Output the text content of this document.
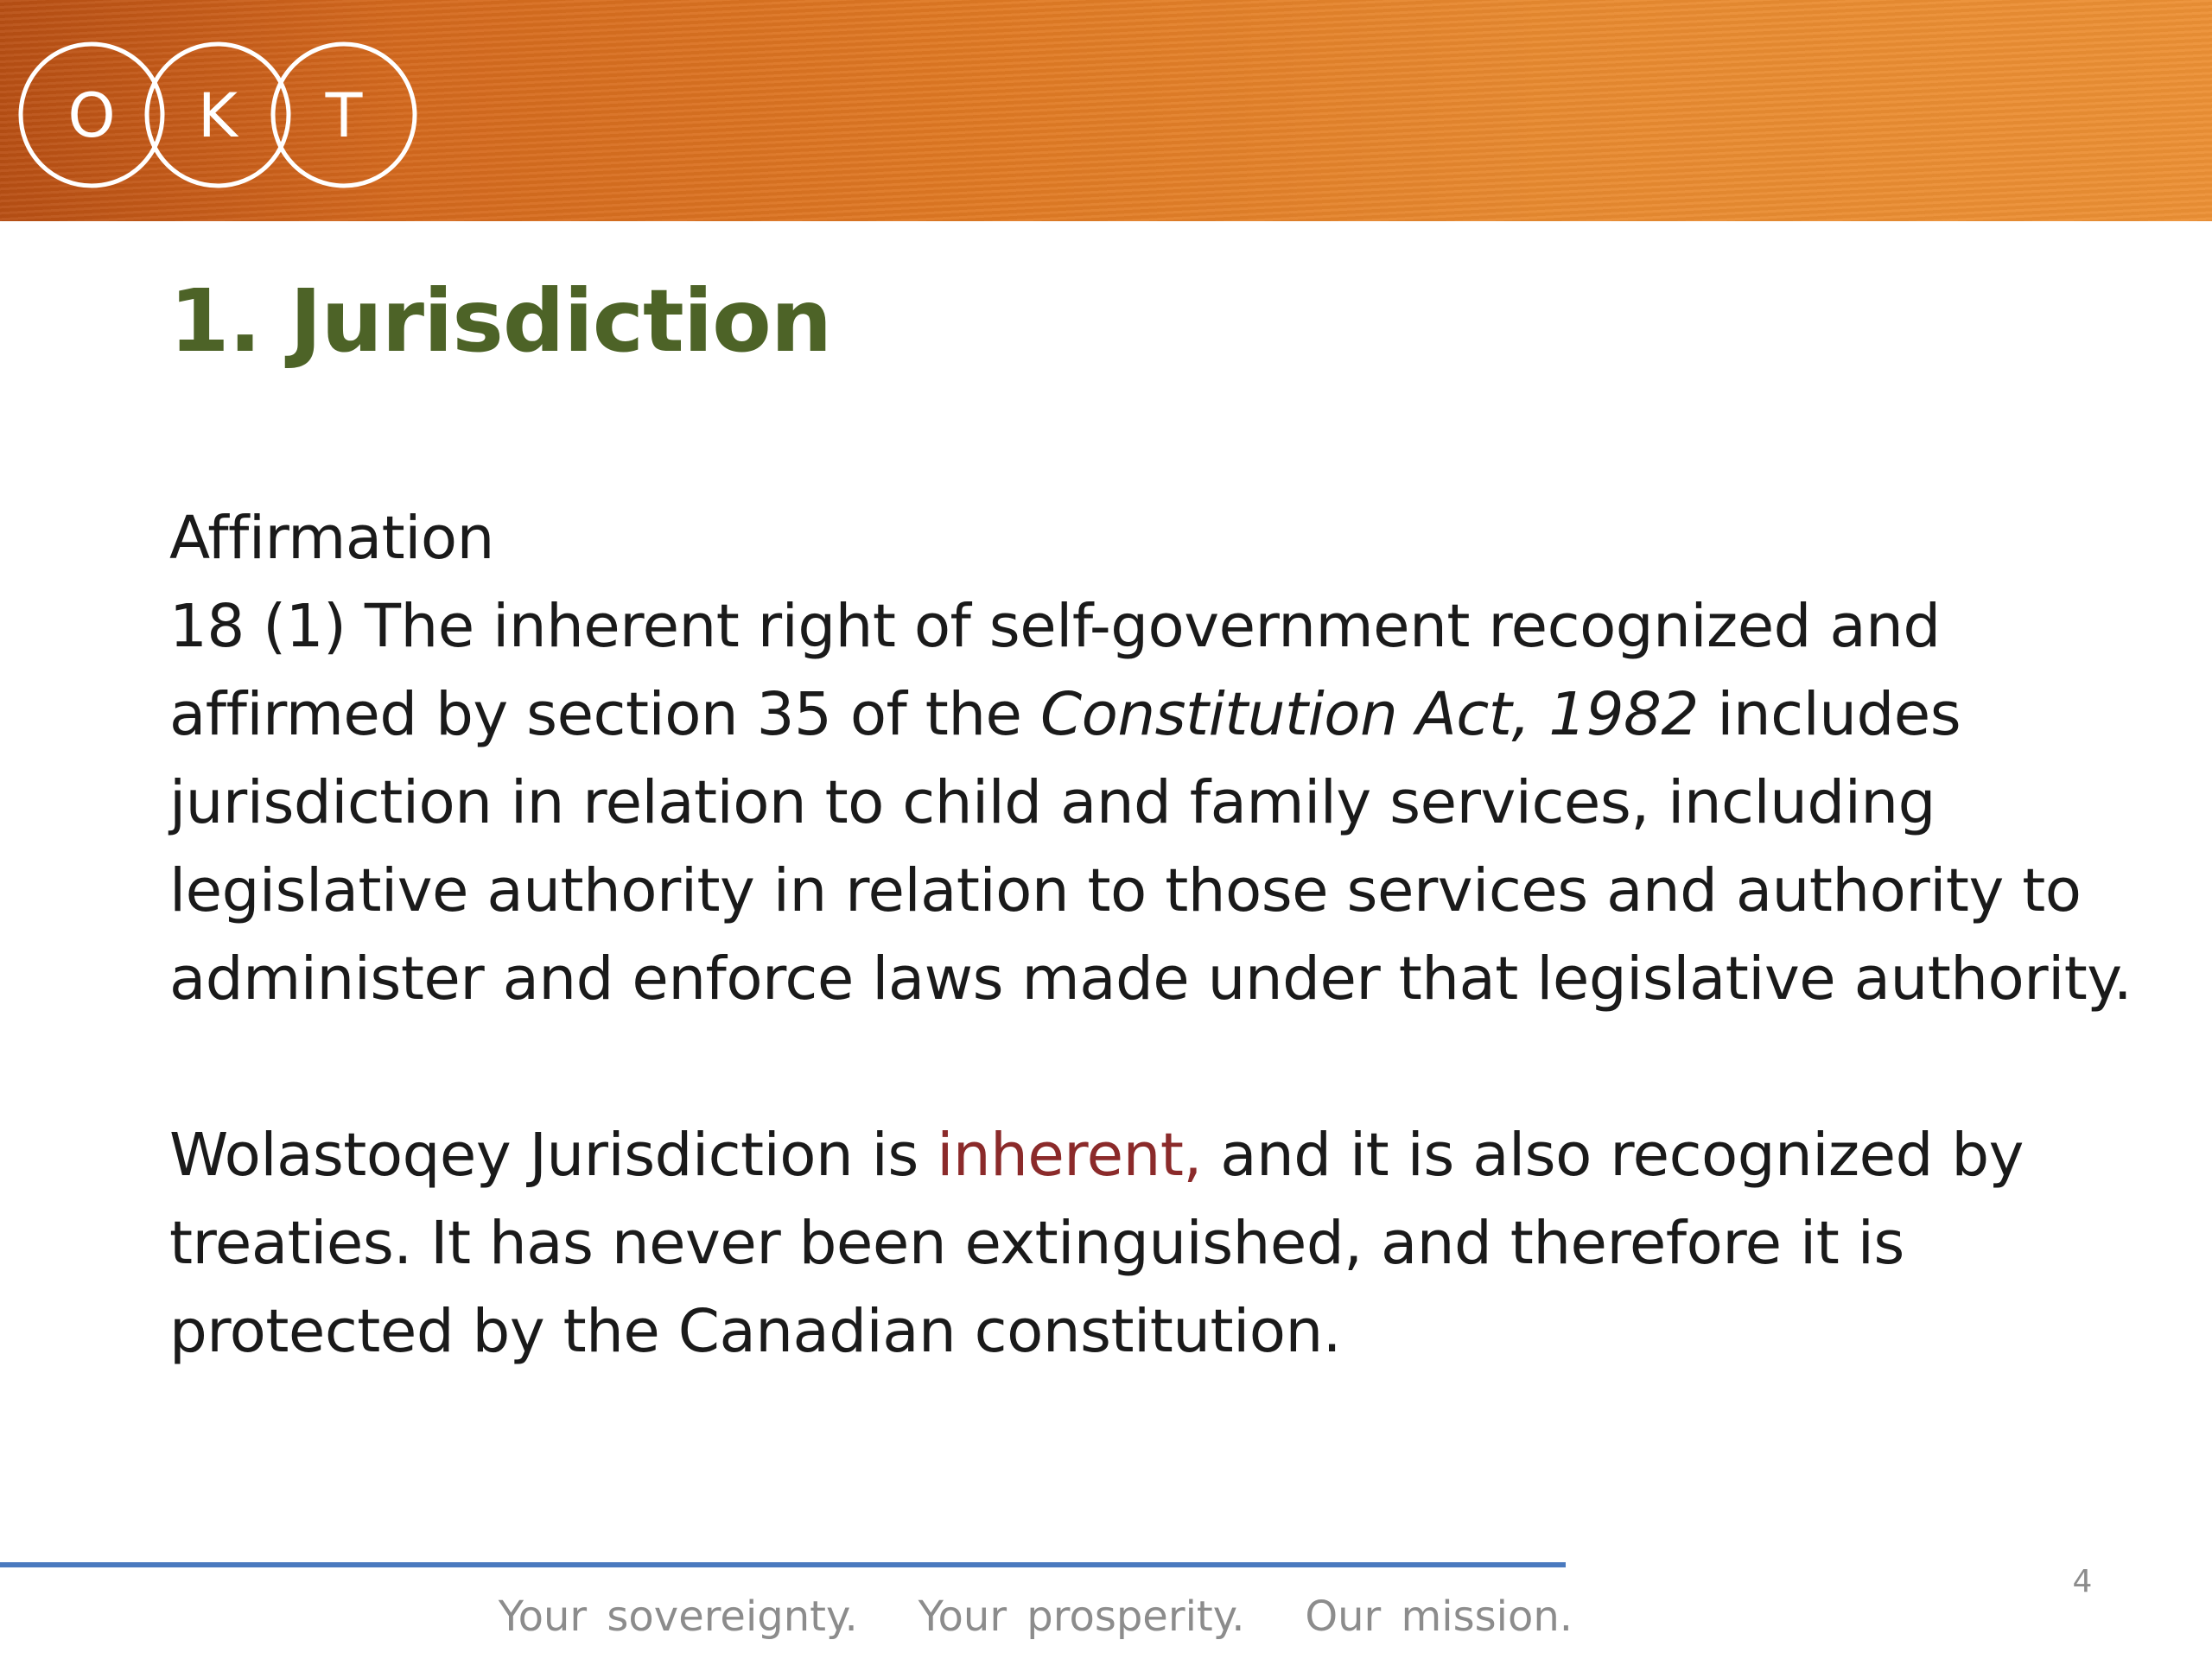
O K T
1. Jurisdiction

Affirmation

18 (1) The inherent right of self-government recognized and affirmed by section 35 of the Constitution Act, 1982 includes jurisdiction in relation to child and family services, including legislative authority in relation to those services and authority to administer and enforce laws made under that legislative authority.

Wolastoqey Jurisdiction is inherent, and it is also recognized by treaties. It has never been extinguished, and therefore it is protected by the Canadian constitution.

Your sovereignty.   Your prosperity.   Our mission.
4
